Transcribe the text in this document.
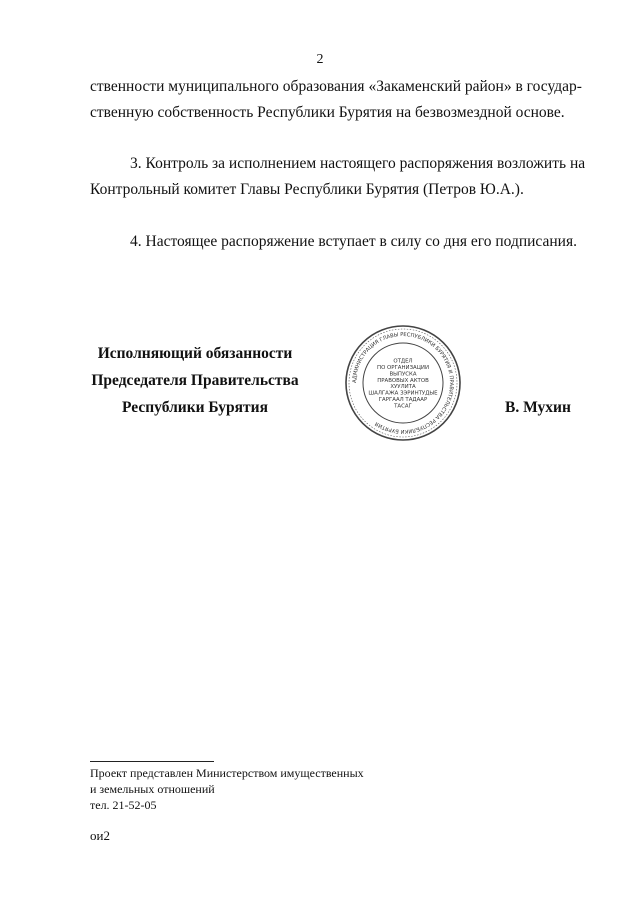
2
ственности муниципального образования «Закаменский район» в государ-
ственную собственность Республики Бурятия на безвозмездной основе.
3. Контроль за исполнением настоящего распоряжения возложить на
Контрольный комитет Главы Республики Бурятия (Петров Ю.А.).
4. Настоящее распоряжение вступает в силу со дня его подписания.
Исполняющий обязанности
Председателя Правительства
Республики Бурятия
АДМИНИСТРАЦИЯ ГЛАВЫ РЕСПУБЛИКИ БУРЯТИЯ И ПРАВИТЕЛЬСТВА РЕСПУБЛИКИ БУРЯТИЯ
ОТДЕЛ
ПО ОРГАНИЗАЦИИ
ВЫПУСКА
ПРАВОВЫХ АКТОВ
ХУУЛИТА
ШАЛГАЖА ЗЭРИНТУДЫЕ
ГАРГААЛ ТАДААР
ТАСАГ	В. Мухин
Проект представлен Министерством имущественных
и земельных отношений
тел. 21-52-05
ои2
